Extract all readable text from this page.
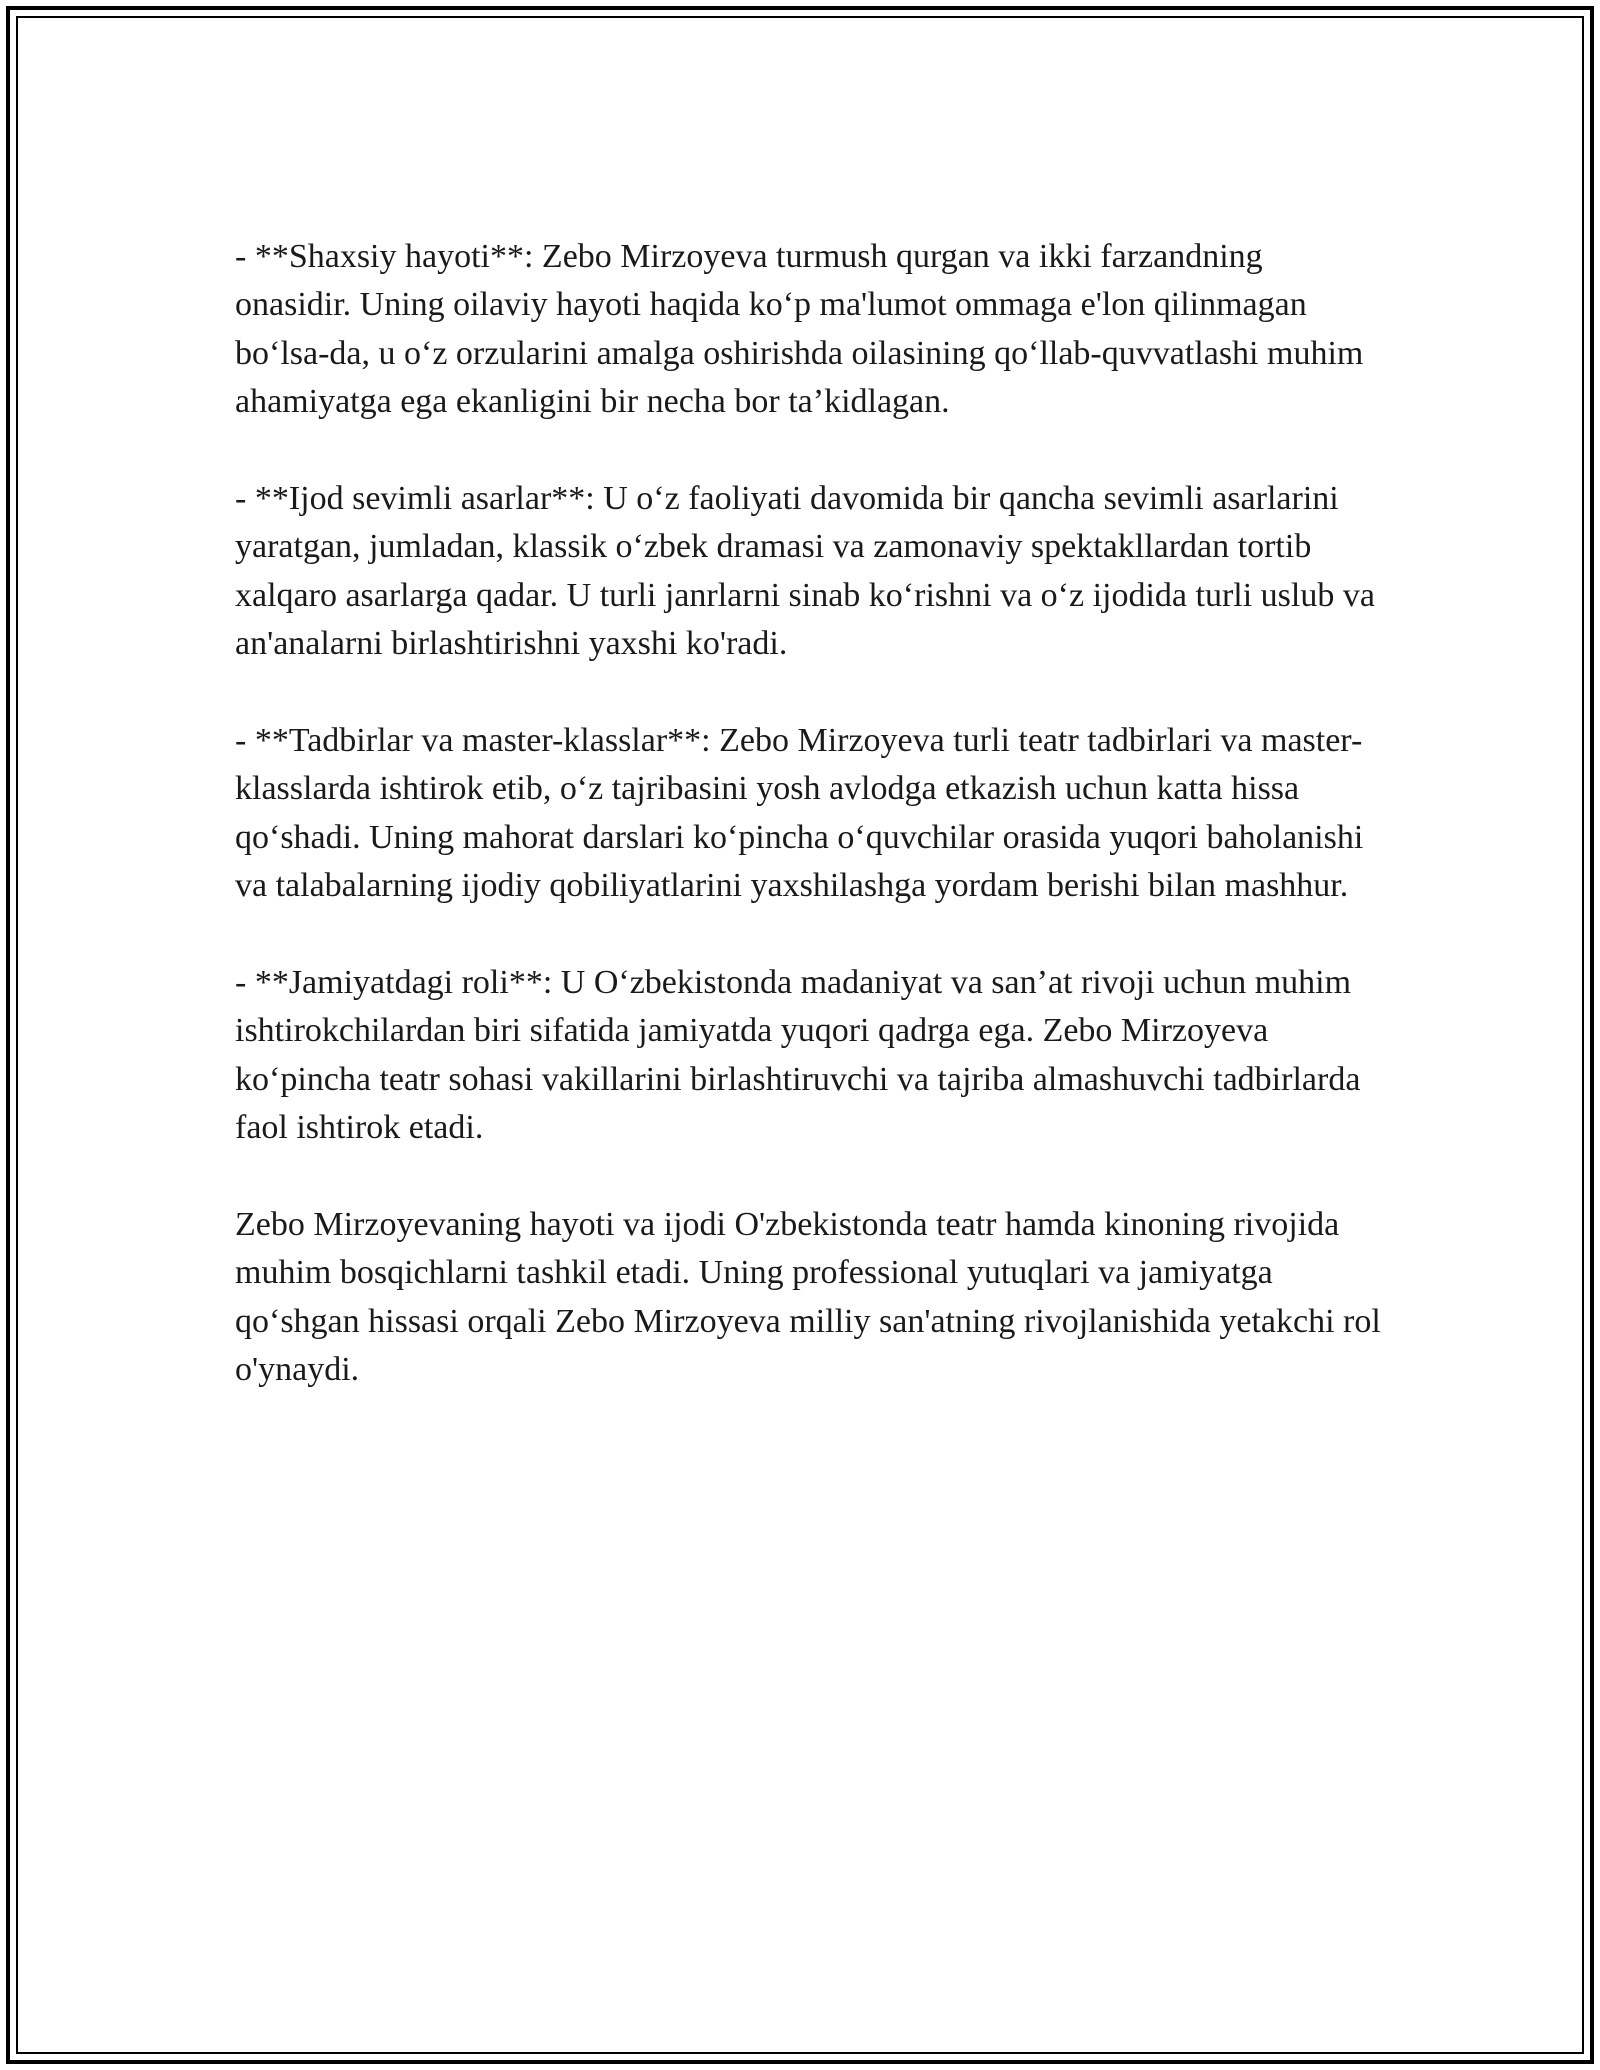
- **Shaxsiy hayoti**: Zebo Mirzoyeva turmush qurgan va ikki farzandning onasidir. Uning oilaviy hayoti haqida ko‘p ma'lumot ommaga e'lon qilinmagan bo‘lsa-da, u o‘z orzularini amalga oshirishda oilasining qo‘llab-quvvatlashi muhim ahamiyatga ega ekanligini bir necha bor ta’kidlagan.

- **Ijod sevimli asarlar**: U o‘z faoliyati davomida bir qancha sevimli asarlarini yaratgan, jumladan, klassik o‘zbek dramasi va zamonaviy spektakllardan tortib xalqaro asarlarga qadar. U turli janrlarni sinab ko‘rishni va o‘z ijodida turli uslub va an'analarni birlashtirishni yaxshi ko'radi.

- **Tadbirlar va master-klasslar**: Zebo Mirzoyeva turli teatr tadbirlari va master-klasslarda ishtirok etib, o‘z tajribasini yosh avlodga etkazish uchun katta hissa qo‘shadi. Uning mahorat darslari ko‘pincha o‘quvchilar orasida yuqori baholanishi va talabalarning ijodiy qobiliyatlarini yaxshilashga yordam berishi bilan mashhur.

- **Jamiyatdagi roli**: U O‘zbekistonda madaniyat va san’at rivoji uchun muhim ishtirokchilardan biri sifatida jamiyatda yuqori qadrga ega. Zebo Mirzoyeva ko‘pincha teatr sohasi vakillarini birlashtiruvchi va tajriba almashuvchi tadbirlarda faol ishtirok etadi.

Zebo Mirzoyevaning hayoti va ijodi O'zbekistonda teatr hamda kinoning rivojida muhim bosqichlarni tashkil etadi. Uning professional yutuqlari va jamiyatga qo‘shgan hissasi orqali Zebo Mirzoyeva milliy san'atning rivojlanishida yetakchi rol o'ynaydi.
